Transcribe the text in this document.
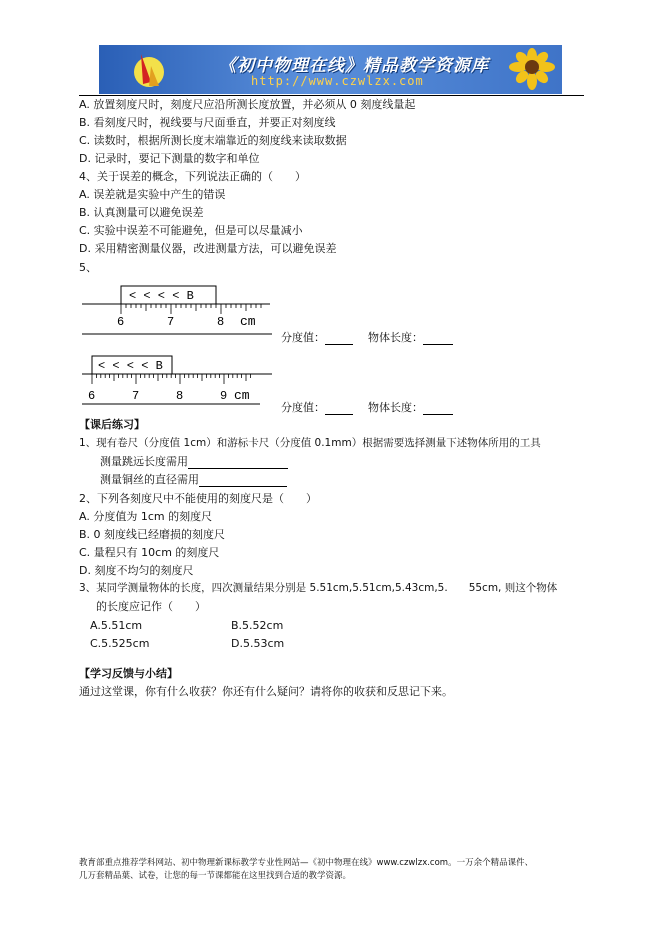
《初中物理在线》精品教学资源库
http://www.czwlzx.com
A. 放置刻度尺时，刻度尺应沿所测长度放置，并必须从 0 刻度线量起
B. 看刻度尺时，视线要与尺面垂直，并要正对刻度线
C. 读数时，根据所测长度末端靠近的刻度线来读取数据
D. 记录时，要记下测量的数字和单位
4、关于误差的概念，下列说法正确的（　　）
A. 误差就是实验中产生的错误
B. 认真测量可以避免误差
C. 实验中误差不可能避免，但是可以尽量减小
D. 采用精密测量仪器，改进测量方法，可以避免误差
5、
< < < < B
6	7	8 cm
分度值：	物体长度：
< < < < B
6	7	8	9 cm
分度值：	物体长度：
【课后练习】
1、现有卷尺（分度值 1cm）和游标卡尺（分度值 0.1mm）根据需要选择测量下述物体所用的工具
测量跳远长度需用
测量铜丝的直径需用
2、下列各刻度尺中不能使用的刻度尺是（　　）
A. 分度值为 1cm 的刻度尺
B. 0 刻度线已经磨损的刻度尺
C. 量程只有 10cm 的刻度尺
D. 刻度不均匀的刻度尺
3、某同学测量物体的长度，四次测量结果分别是 5.51cm,5.51cm,5.43cm,5.　　55cm, 则这个物体
的长度应记作（　　）
A.5.51cm	B.5.52cm
C.5.525cm	D.5.53cm
【学习反馈与小结】
通过这堂课，你有什么收获？你还有什么疑问？请将你的收获和反思记下来。
教育部重点推荐学科网站、初中物理新课标教学专业性网站—《初中物理在线》www.czwlzx.com。一万余个精品课件、
几万套精品葉、试卷，让您的每一节课都能在这里找到合适的教学资源。
